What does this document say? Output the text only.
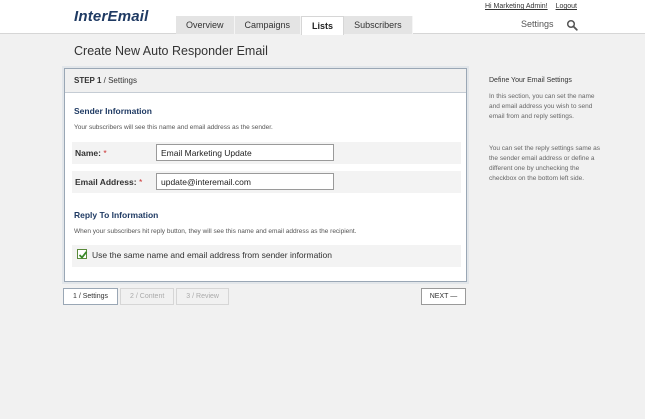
InterEmail
Hi Marketing Admin! Logout
Overview	Campaigns	Lists	Subscribers	Settings
Create New Auto Responder Email
STEP 1 / Settings
Sender Information
Your subscribers will see this name and email address as the sender.
Name: *
Email Marketing Update
Email Address: *
update@interemail.com
Reply To Information
When your subscribers hit reply button, they will see this name and email address as the recipient.
Use the same name and email address from sender information
1 / Settings	2 / Content	3 / Review	NEXT —
Define Your Email Settings
In this section, you can set the name and email address you wish to send email from and reply settings.
You can set the reply settings same as the sender email address or define a different one by unchecking the checkbox on the bottom left side.
